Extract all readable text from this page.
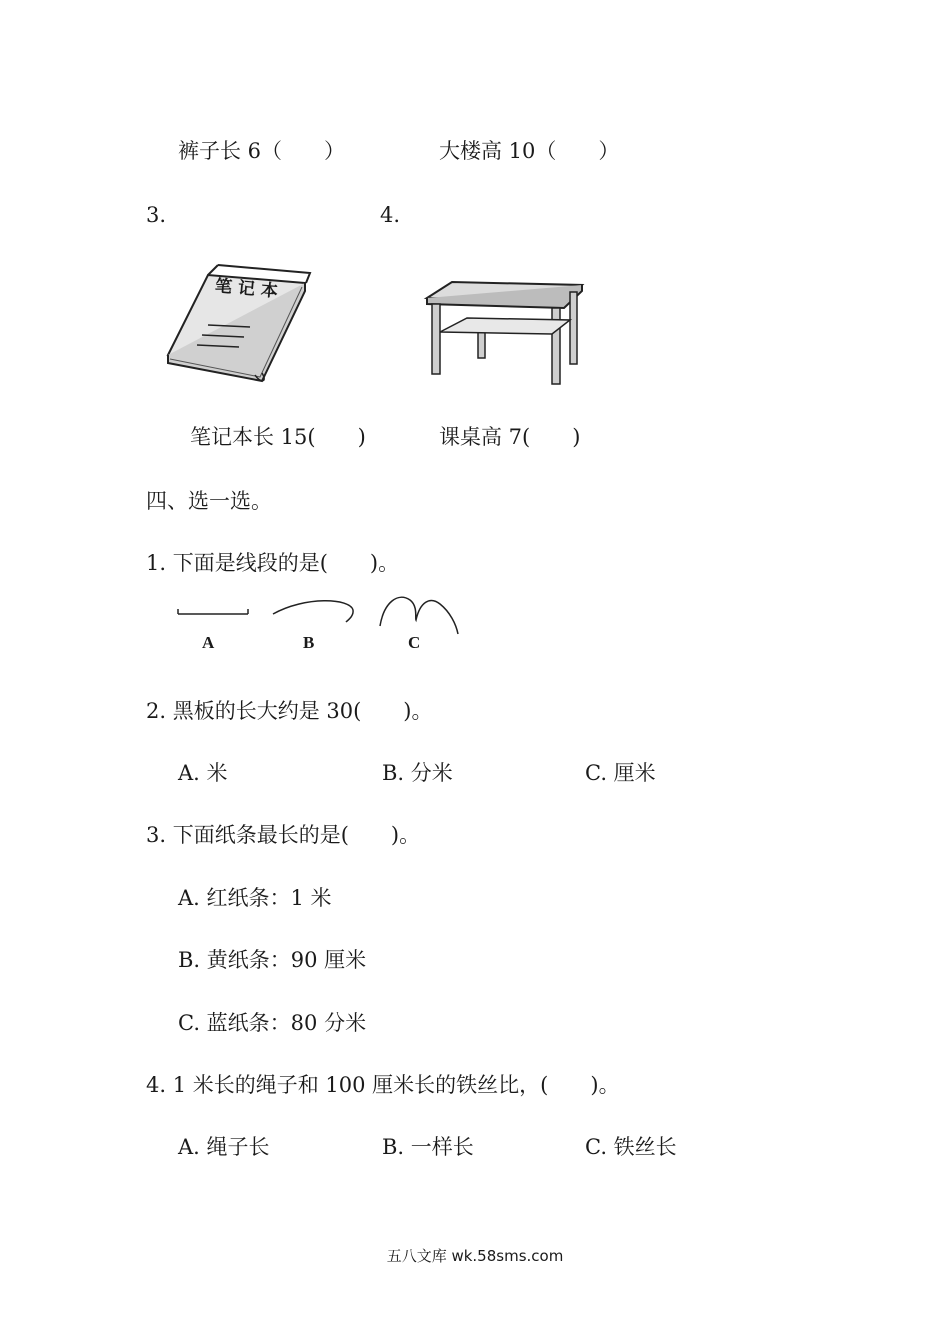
裤子长 6（　　）	大楼高 10（　　）
3.	4.
笔 记 本
笔记本长 15(　　)	课桌高 7(　　)
四、选一选。
1. 下面是线段的是(　　)。
A	B	C
2. 黑板的长大约是 30(　　)。
A. 米	B. 分米	C. 厘米
3. 下面纸条最长的是(　　)。
A. 红纸条：1 米
B. 黄纸条：90 厘米
C. 蓝纸条：80 分米
4. 1 米长的绳子和 100 厘米长的铁丝比，(　　)。
A. 绳子长	B. 一样长	C. 铁丝长
五八文库 wk.58sms.com
